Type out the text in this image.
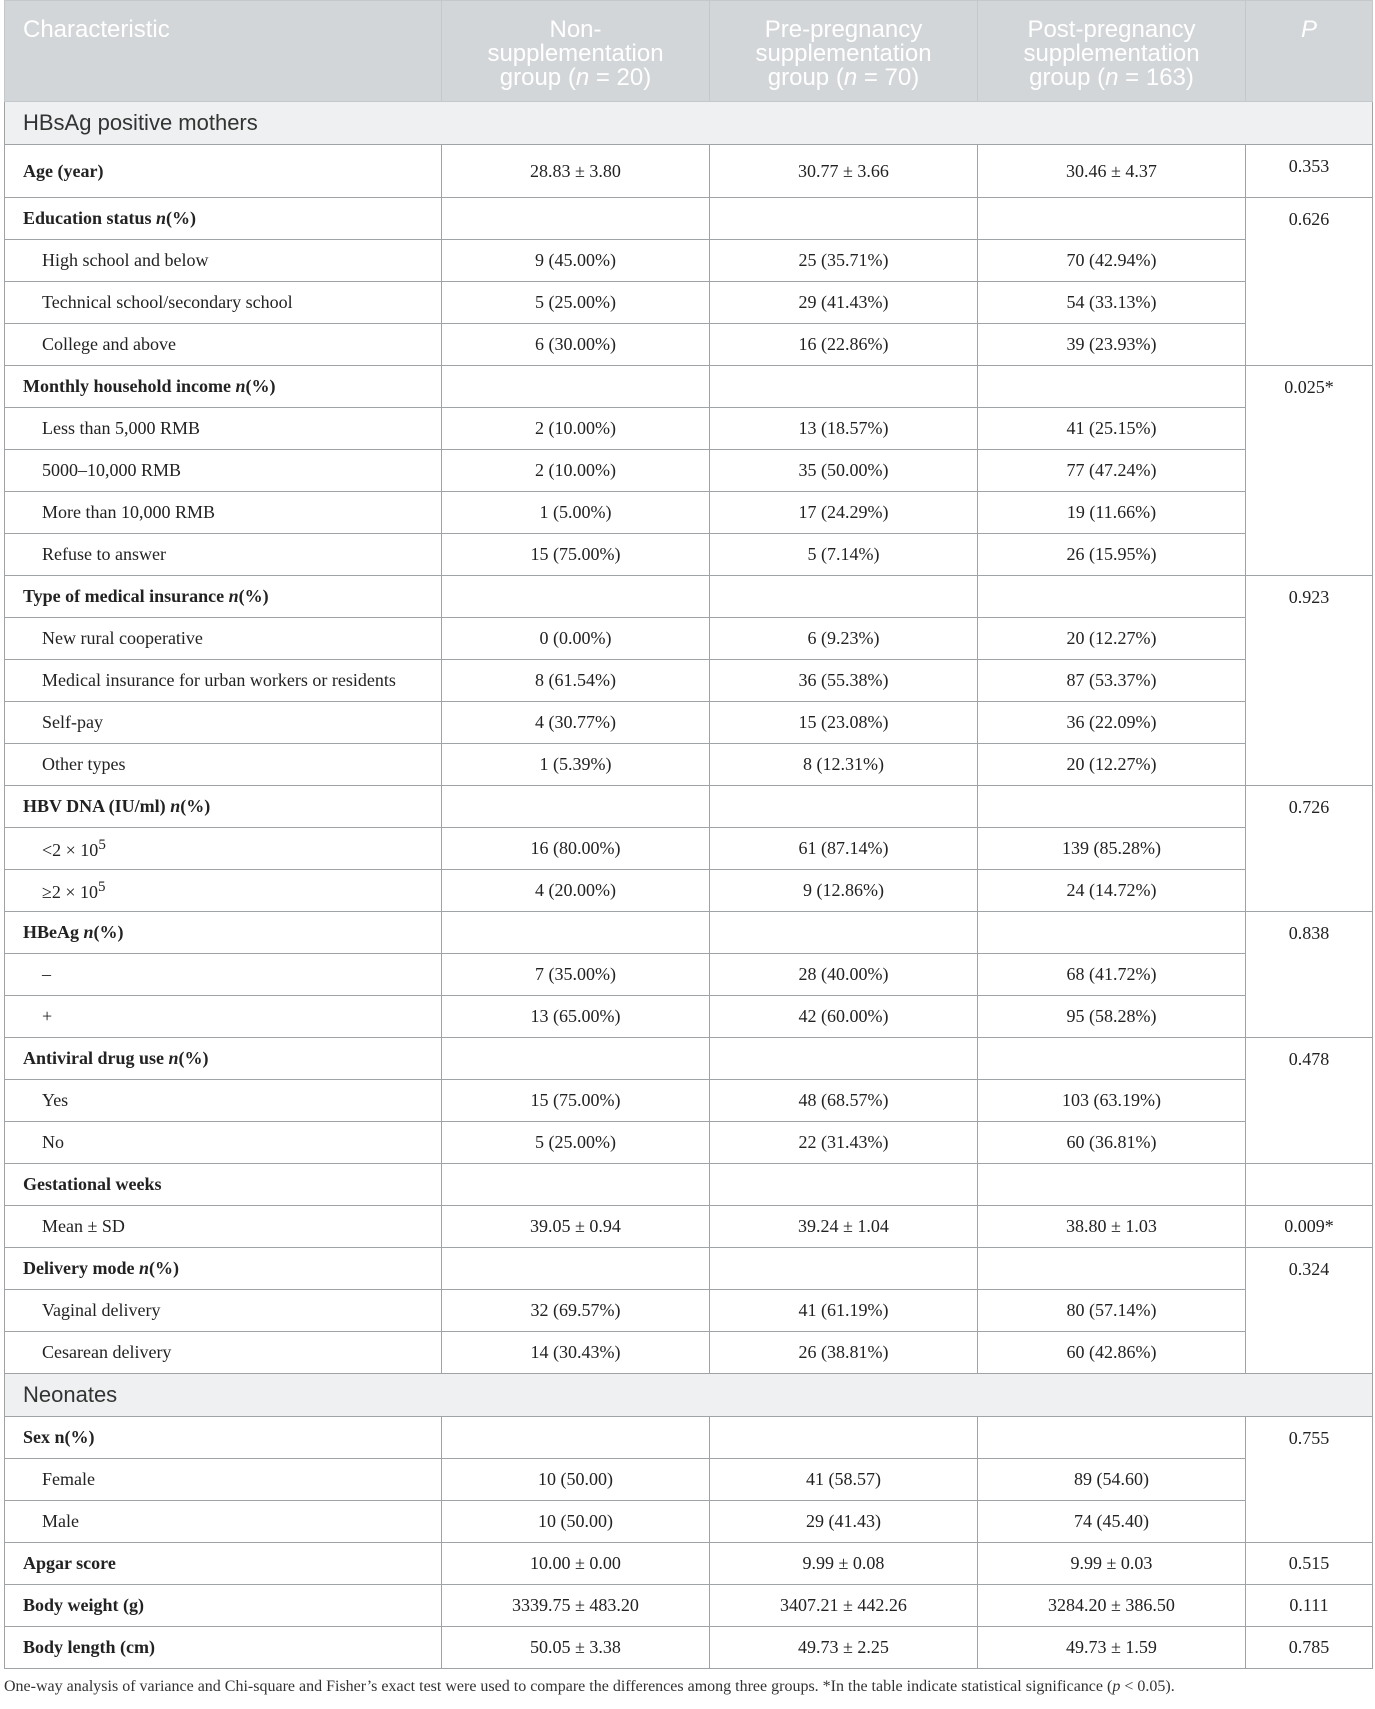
Characteristic	Non-
supplementation
group (n = 20)	Pre-pregnancy
supplementation
group (n = 70)	Post-pregnancy
supplementation
group (n = 163)	P
HBsAg positive mothers				
Age (year)	28.83 ± 3.80	30.77 ± 3.66	30.46 ± 4.37	0.353
Education status n(%)				0.626
High school and below	9 (45.00%)	25 (35.71%)	70 (42.94%)	
Technical school/secondary school	5 (25.00%)	29 (41.43%)	54 (33.13%)	
College and above	6 (30.00%)	16 (22.86%)	39 (23.93%)	
Monthly household income n(%)				0.025*
Less than 5,000 RMB	2 (10.00%)	13 (18.57%)	41 (25.15%)	
5000–10,000 RMB	2 (10.00%)	35 (50.00%)	77 (47.24%)	
More than 10,000 RMB	1 (5.00%)	17 (24.29%)	19 (11.66%)	
Refuse to answer	15 (75.00%)	5 (7.14%)	26 (15.95%)	
Type of medical insurance n(%)				0.923
New rural cooperative	0 (0.00%)	6 (9.23%)	20 (12.27%)	
Medical insurance for urban workers or residents	8 (61.54%)	36 (55.38%)	87 (53.37%)	
Self-pay	4 (30.77%)	15 (23.08%)	36 (22.09%)	
Other types	1 (5.39%)	8 (12.31%)	20 (12.27%)	
HBV DNA (IU/ml) n(%)				0.726
$<2 \times 10^5$	16 (80.00%)	61 (87.14%)	139 (85.28%)	
$\ge 2 \times 10^5$	4 (20.00%)	9 (12.86%)	24 (14.72%)	
HBeAg n(%)				0.838
–	7 (35.00%)	28 (40.00%)	68 (41.72%)	
+	13 (65.00%)	42 (60.00%)	95 (58.28%)	
Antiviral drug use n(%)				0.478
Yes	15 (75.00%)	48 (68.57%)	103 (63.19%)	
No	5 (25.00%)	22 (31.43%)	60 (36.81%)	
Gestational weeks				
Mean ± SD	39.05 ± 0.94	39.24 ± 1.04	38.80 ± 1.03	0.009*
Delivery mode n(%)				0.324
Vaginal delivery	32 (69.57%)	41 (61.19%)	80 (57.14%)	
Cesarean delivery	14 (30.43%)	26 (38.81%)	60 (42.86%)	
Neonates				
Sex n(%)				0.755
Female	10 (50.00)	41 (58.57)	89 (54.60)	
Male	10 (50.00)	29 (41.43)	74 (45.40)	
Apgar score	10.00 ± 0.00	9.99 ± 0.08	9.99 ± 0.03	0.515
Body weight (g)	3339.75 ± 483.20	3407.21 ± 442.26	3284.20 ± 386.50	0.111
Body length (cm)	50.05 ± 3.38	49.73 ± 2.25	49.73 ± 1.59	0.785
One-way analysis of variance and Chi-square and Fisher’s exact test were used to compare the differences among three groups. *In the table indicate statistical significance (p < 0.05).
